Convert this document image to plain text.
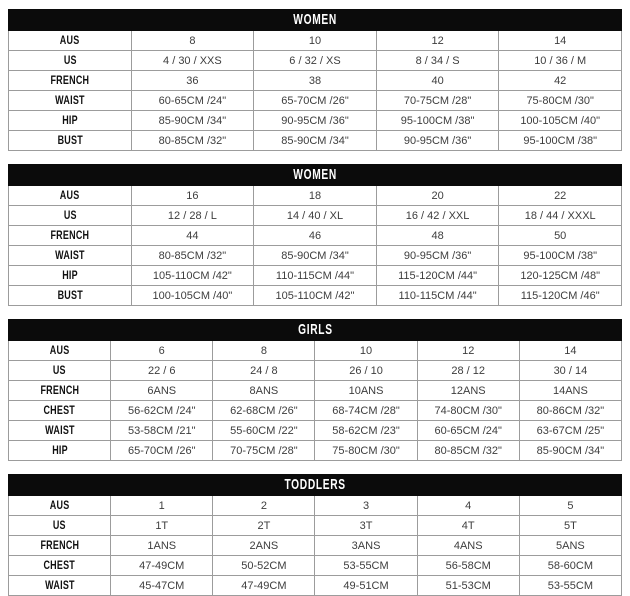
WOMEN				
AUS	8	10	12	14
US	4 / 30 / XXS	6 / 32 / XS	8 / 34 / S	10 / 36 / M
FRENCH	36	38	40	42
WAIST	60-65CM /24"	65-70CM /26"	70-75CM /28"	75-80CM /30"
HIP	85-90CM /34"	90-95CM /36"	95-100CM /38"	100-105CM /40"
BUST	80-85CM /32"	85-90CM /34"	90-95CM /36"	95-100CM /38"
WOMEN				
AUS	16	18	20	22
US	12 / 28 / L	14 / 40 / XL	16 / 42 / XXL	18 / 44 / XXXL
FRENCH	44	46	48	50
WAIST	80-85CM /32"	85-90CM /34"	90-95CM /36"	95-100CM /38"
HIP	105-110CM /42"	110-115CM /44"	115-120CM /44"	120-125CM /48"
BUST	100-105CM /40"	105-110CM /42"	110-115CM /44"	115-120CM /46"
GIRLS					
AUS	6	8	10	12	14
US	22 / 6	24 / 8	26 / 10	28 / 12	30 / 14
FRENCH	6ANS	8ANS	10ANS	12ANS	14ANS
CHEST	56-62CM /24"	62-68CM /26"	68-74CM /28"	74-80CM /30"	80-86CM /32"
WAIST	53-58CM /21"	55-60CM /22"	58-62CM /23"	60-65CM /24"	63-67CM /25"
HIP	65-70CM /26"	70-75CM /28"	75-80CM /30"	80-85CM /32"	85-90CM /34"
TODDLERS					
AUS	1	2	3	4	5
US	1T	2T	3T	4T	5T
FRENCH	1ANS	2ANS	3ANS	4ANS	5ANS
CHEST	47-49CM	50-52CM	53-55CM	56-58CM	58-60CM
WAIST	45-47CM	47-49CM	49-51CM	51-53CM	53-55CM
